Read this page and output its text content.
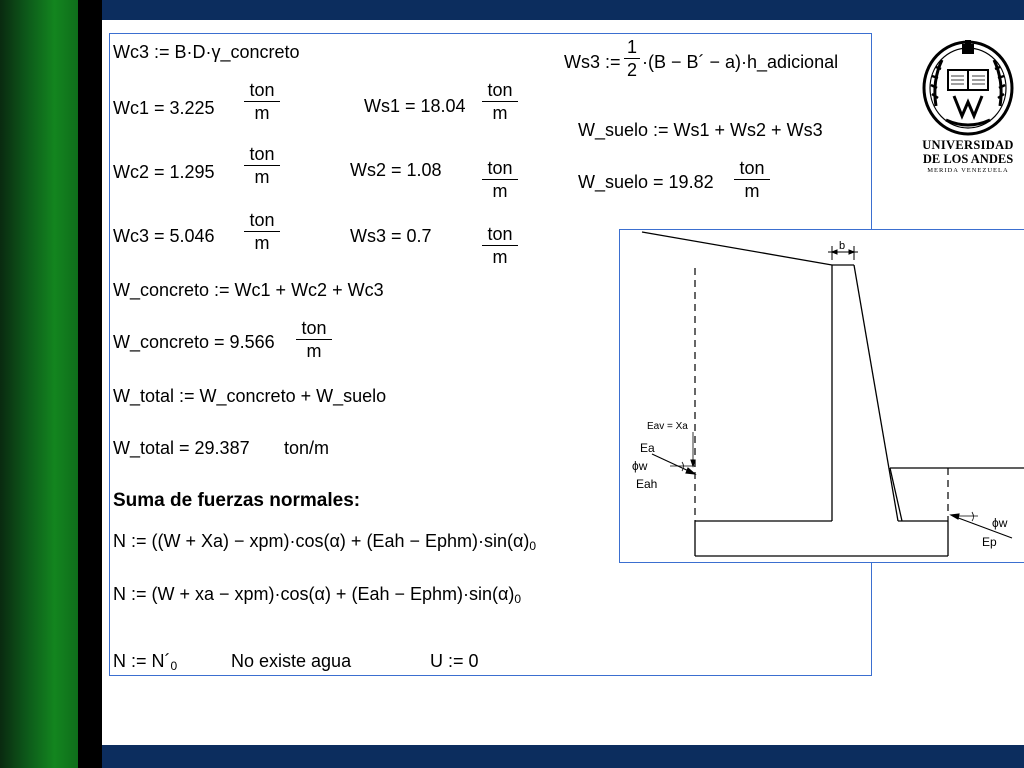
Wc3 := B·D·γ_concreto	Ws3 := $\frac{1}{2} \cdot(B$ − B´ − a)·h_adicional
Wc1 = 3.225
ton
m	Ws1 = 18.04
ton
m
W_suelo := Ws1 + Ws2 + Ws3
Wc2 = 1.295
ton
m	Ws2 = 1.08	ton
m	W_suelo = 19.82
ton
m
Wc3 = 5.046
ton
m	Ws3 = 0.7	ton
m
W_concreto := Wc1 + Wc2 + Wc3
W_concreto = 9.566
ton
m
W_total := W_concreto + W_suelo
W_total = 29.387 ton/m
Suma de fuerzas normales:
N := $((W + Xa) - xpm)\cdot\cos(\alpha) + (Eah - Ephm)\cdot\sin(\alpha)_0$
N := (W + xa − $xpm)\cdot\cos(\alpha) + (Eah - Ephm)\cdot\sin(\alpha)_0$
N := $N´_0$	No existe agua	U := 0
UNIVERSIDAD
DE LOS ANDES
MERIDA VENEZUELA
b
Eav = Xa
Ea
ϕw
Eah
ϕw
Ep
